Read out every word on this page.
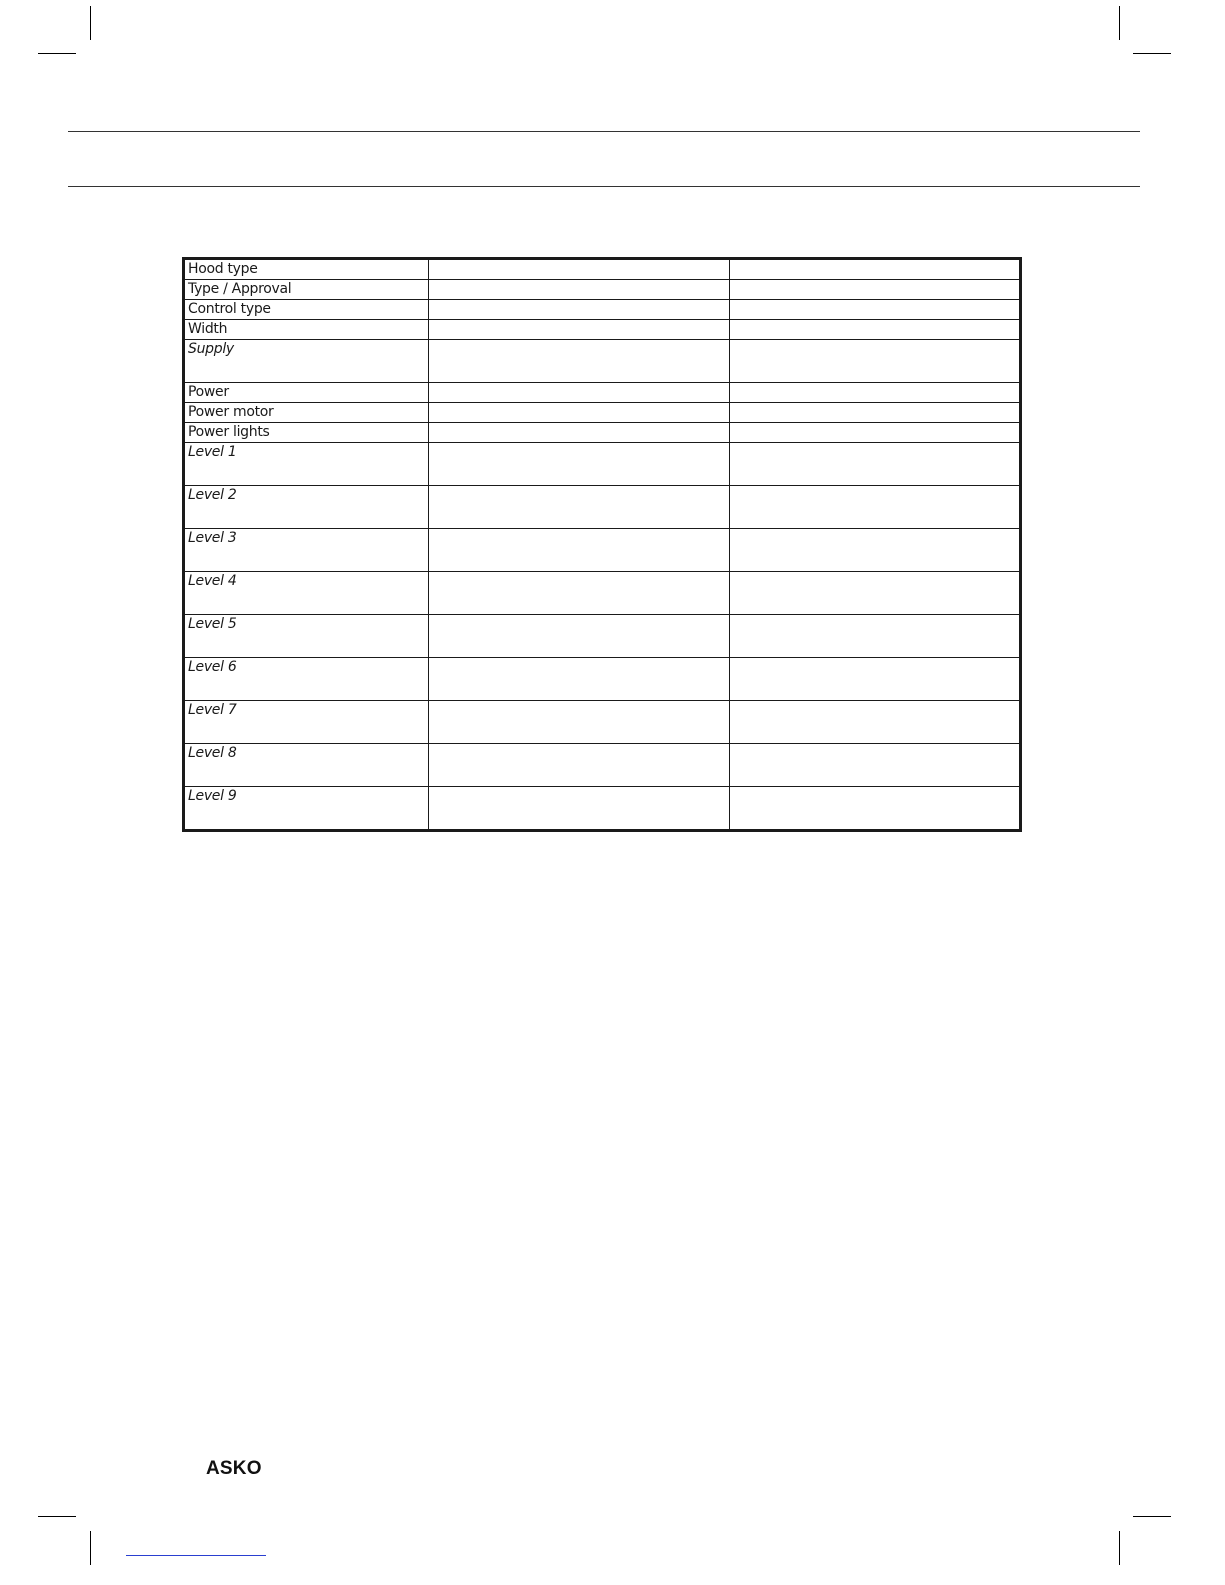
Hood type		
Type / Approval		
Control type		
Width		
Supply		
Power		
Power motor		
Power lights		
Level 1		
Level 2		
Level 3		
Level 4		
Level 5		
Level 6		
Level 7		
Level 8		
Level 9		
ASKO
